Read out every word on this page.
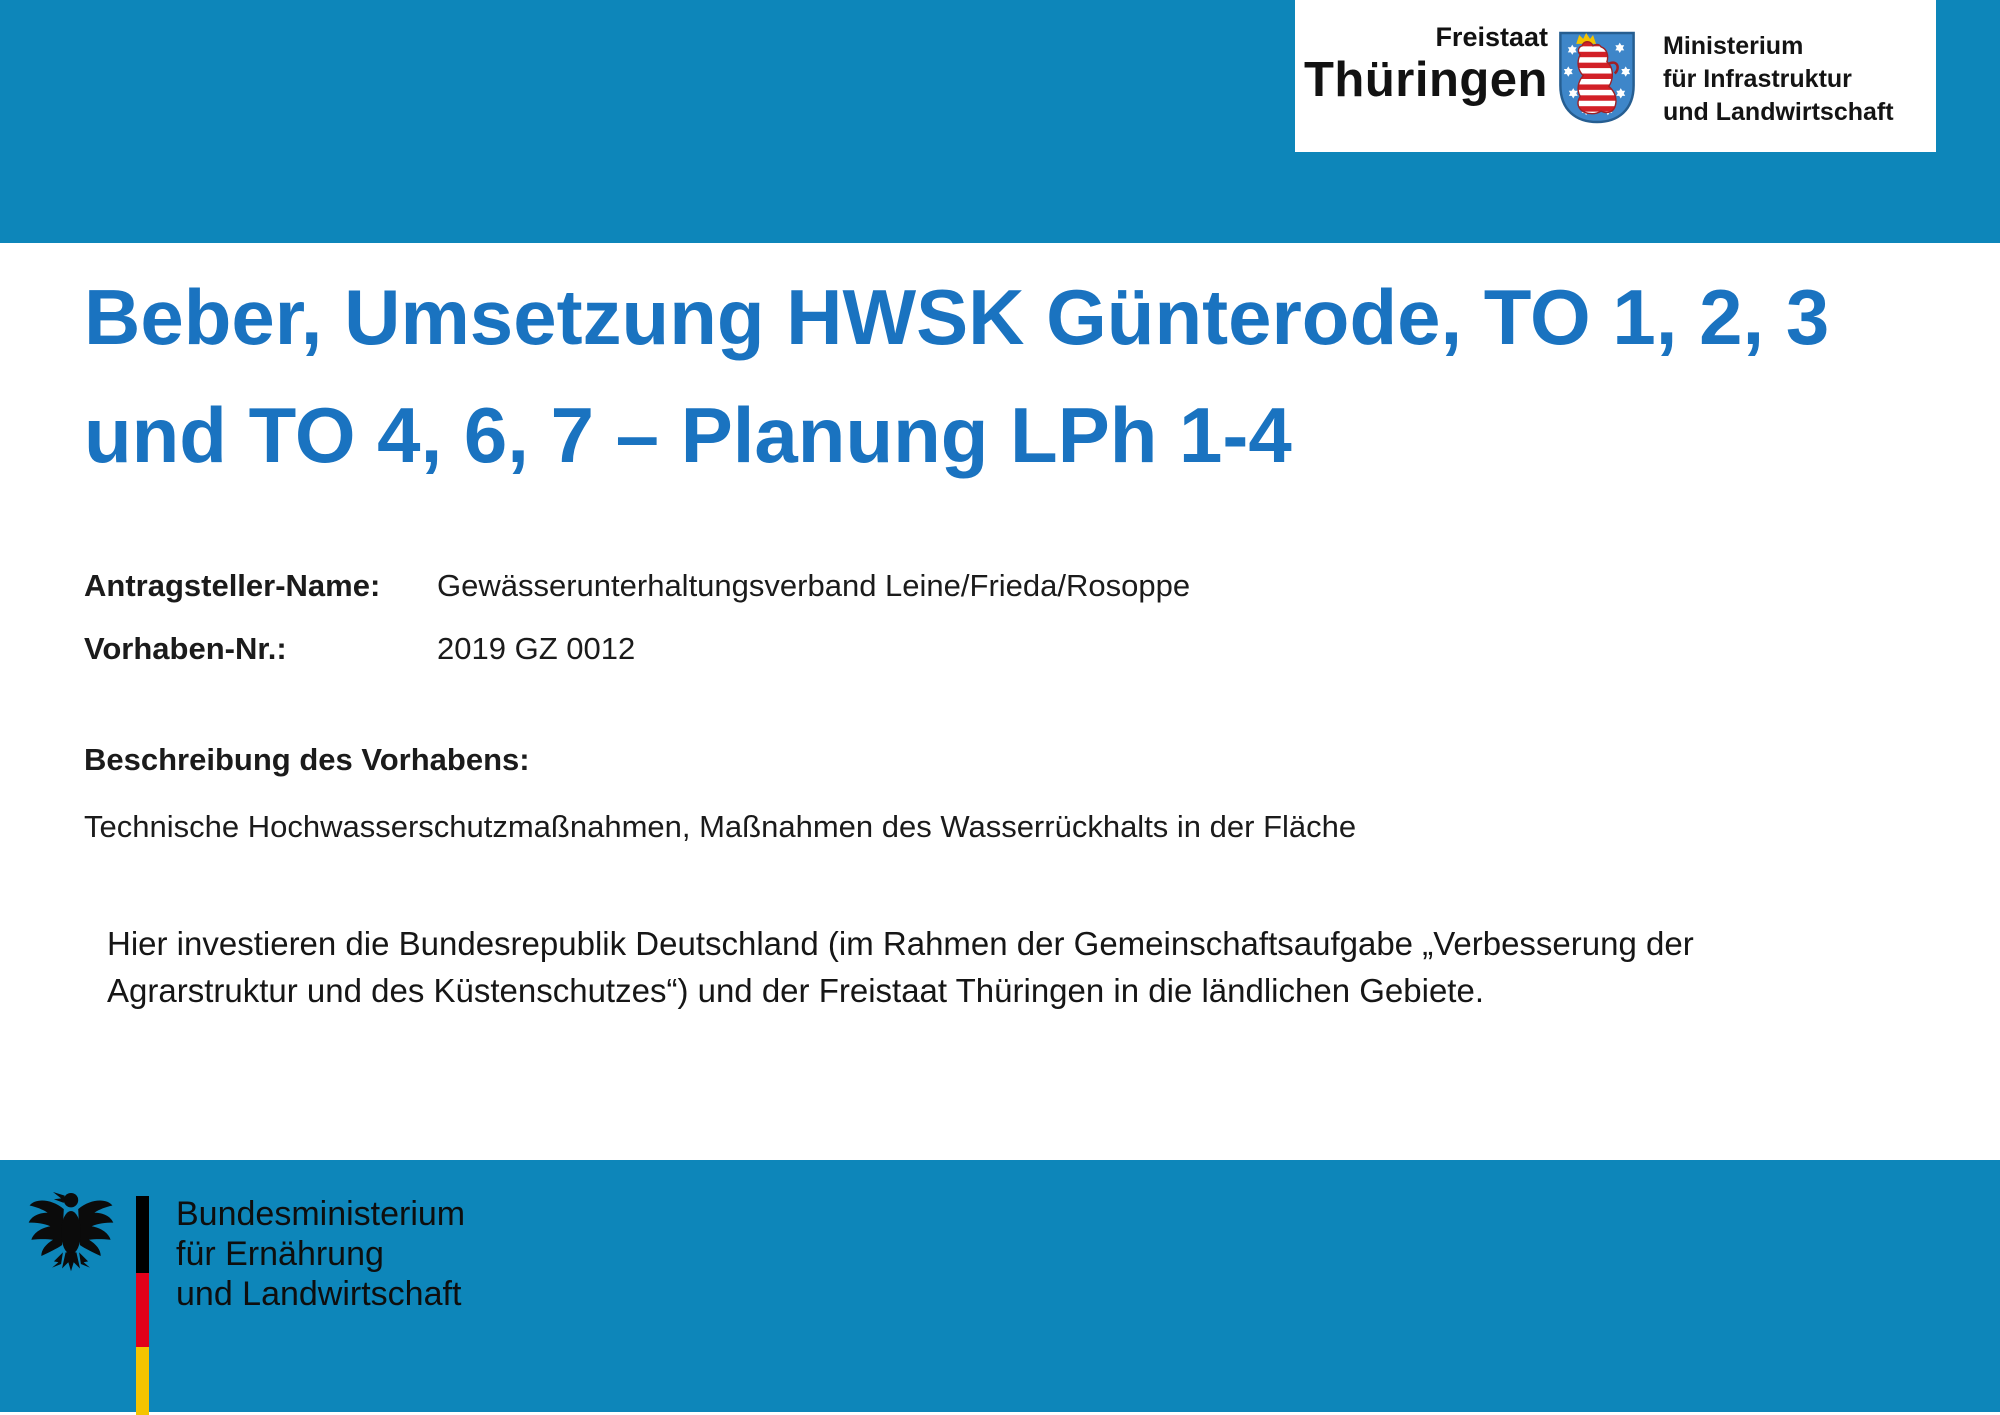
Freistaat
Thüringen
Ministerium
für Infrastruktur
und Landwirtschaft
Beber, Umsetzung HWSK Günterode, TO 1, 2, 3
und TO 4, 6, 7 – Planung LPh 1-4
Antragsteller-Name:	Gewässerunterhaltungsverband Leine/Frieda/Rosoppe
Vorhaben-Nr.:	2019 GZ 0012
Beschreibung des Vorhabens:
Technische Hochwasserschutzmaßnahmen, Maßnahmen des Wasserrückhalts in der Fläche
Hier investieren die Bundesrepublik Deutschland (im Rahmen der Gemeinschaftsaufgabe „Verbesserung der
Agrarstruktur und des Küstenschutzes“) und der Freistaat Thüringen in die ländlichen Gebiete.
Bundesministerium
für Ernährung
und Landwirtschaft
